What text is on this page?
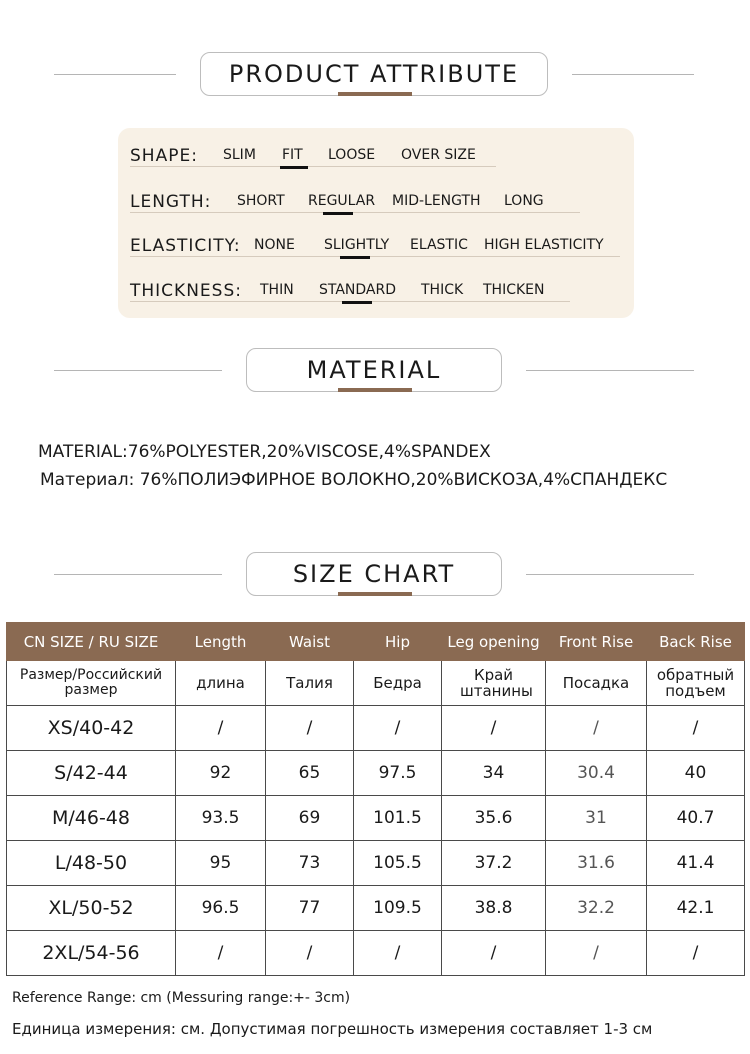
PRODUCT ATTRIBUTE
SHAPE: SLIM FIT LOOSE OVER SIZE
LENGTH: SHORT REGULAR MID-LENGTH LONG
ELASTICITY: NONE SLIGHTLY ELASTIC HIGH ELASTICITY
THICKNESS: THIN STANDARD THICK THICKEN
MATERIAL
MATERIAL:76%POLYESTER,20%VISCOSE,4%SPANDEX
Материал: 76%ПОЛИЭФИРНОЕ ВОЛОКНО,20%ВИСКОЗА,4%СПАНДЕКС
SIZE CHART
CN SIZE / RU SIZE	Length	Waist	Hip	Leg opening	Front Rise	Back Rise
Размер/Российский размер	длина	Талия	Бедра	Край штанины	Посадка	обратный подъем
XS/40-42	/	/	/	/	/	/
S/42-44	92	65	97.5	34	30.4	40
M/46-48	93.5	69	101.5	35.6	31	40.7
L/48-50	95	73	105.5	37.2	31.6	41.4
XL/50-52	96.5	77	109.5	38.8	32.2	42.1
2XL/54-56	/	/	/	/	/	/
Reference Range: cm (Messuring range:+- 3cm)
Единица измерения: см. Допустимая погрешность измерения составляет 1-3 см
